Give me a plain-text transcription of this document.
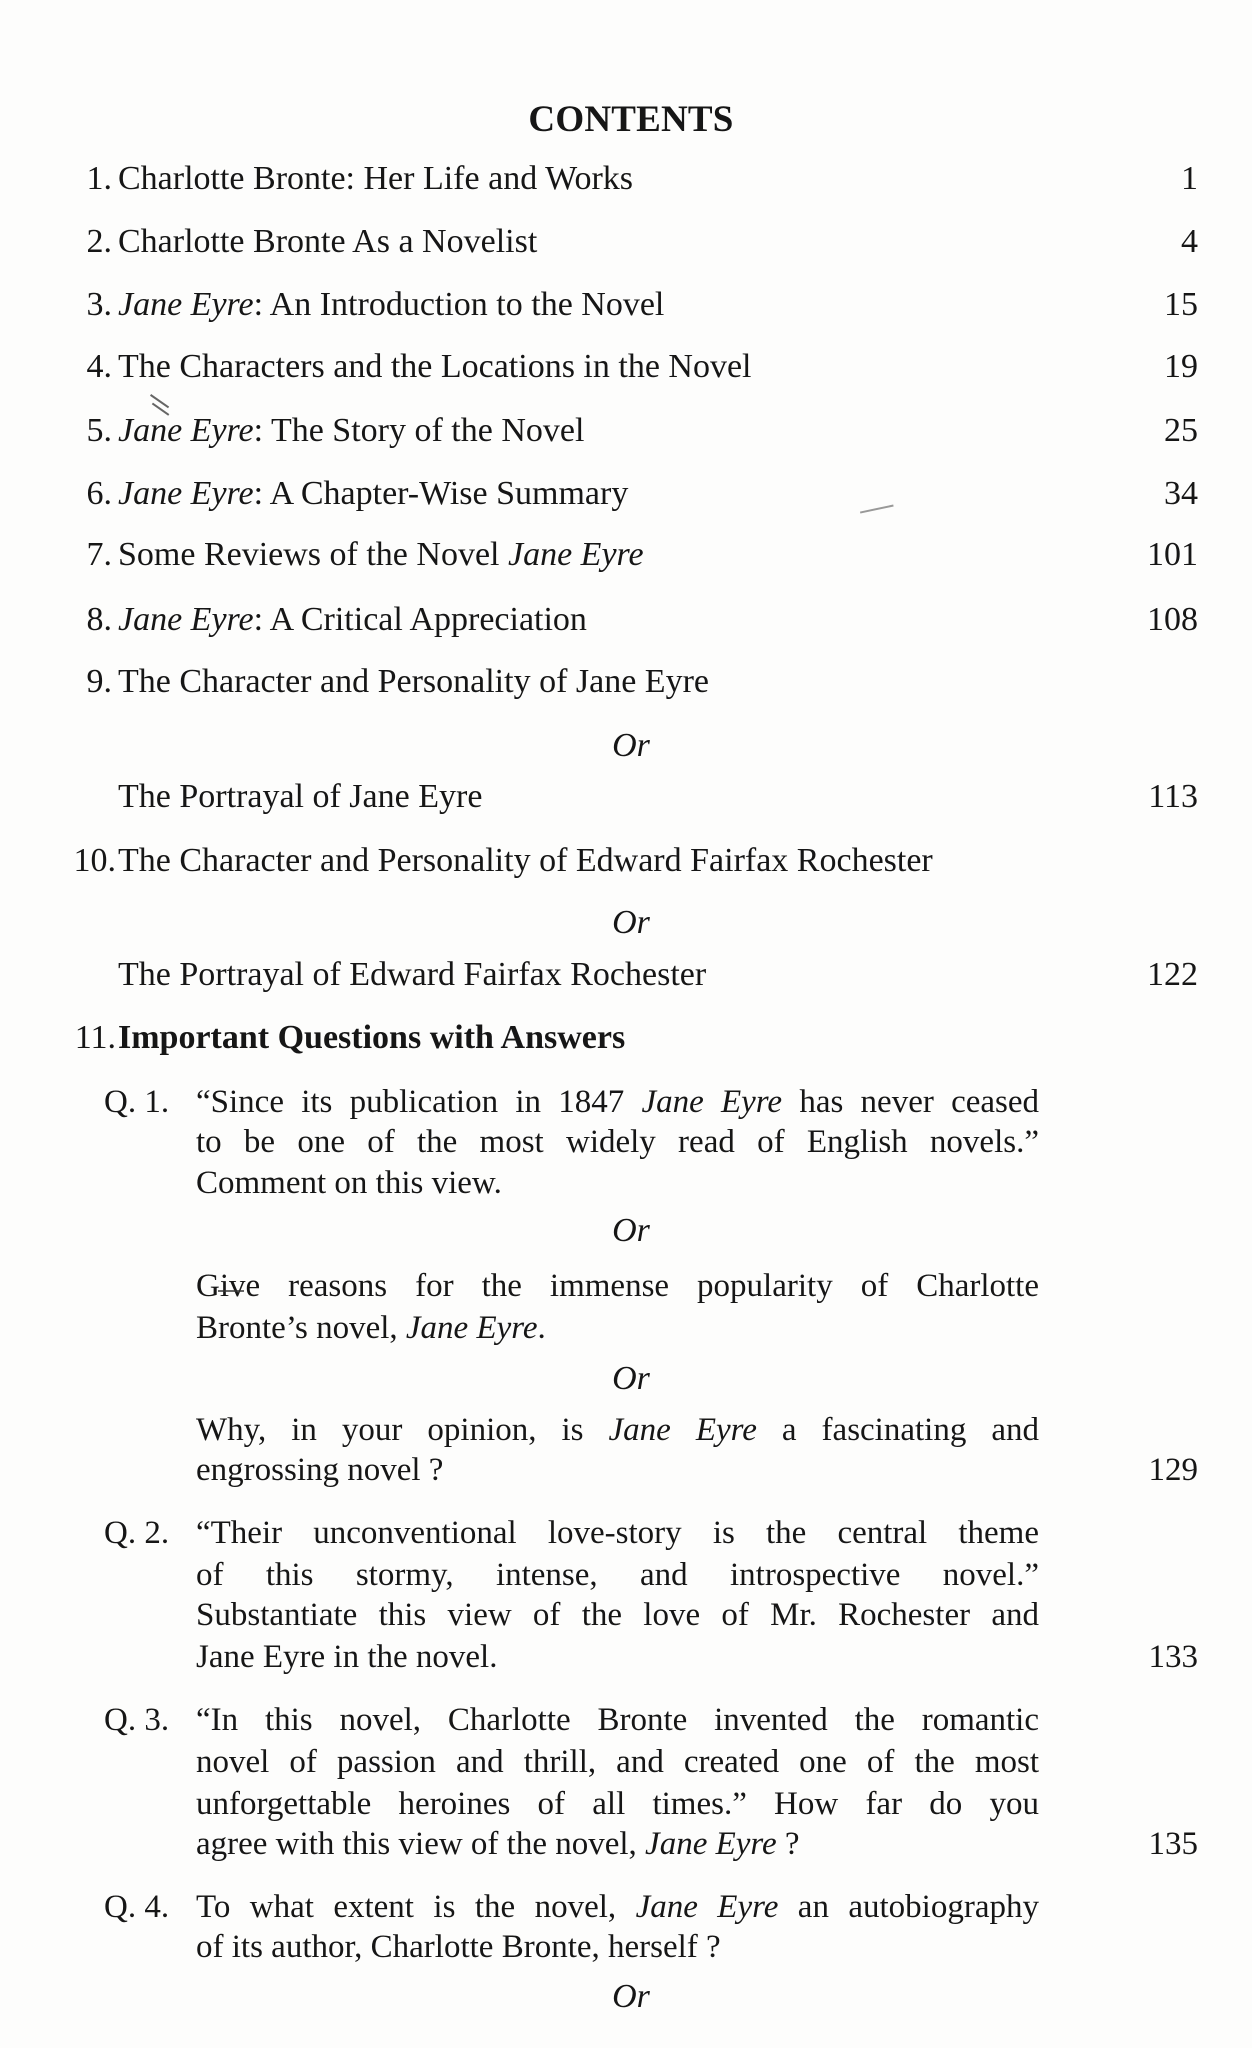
CONTENTS
1. Charlotte Bronte: Her Life and Works	1
2. Charlotte Bronte As a Novelist	4
3. Jane Eyre: An Introduction to the Novel	15
4. The Characters and the Locations in the Novel	19
5. Jane Eyre: The Story of the Novel	25
6. Jane Eyre: A Chapter-Wise Summary	34
7. Some Reviews of the Novel Jane Eyre	101
8. Jane Eyre: A Critical Appreciation	108
9. The Character and Personality of Jane Eyre
Or
The Portrayal of Jane Eyre	113
10. The Character and Personality of Edward Fairfax Rochester
Or
The Portrayal of Edward Fairfax Rochester	122
11. Important Questions with Answers
Q. 1. “Since its publication in 1847 Jane Eyre has never ceased
to be one of the most widely read of English novels.”
Comment on this view.
Or
Give reasons for the immense popularity of Charlotte
Bronte’s novel, Jane Eyre.
Or
Why, in your opinion, is Jane Eyre a fascinating and
engrossing novel ?	129
Q. 2. “Their unconventional love-story is the central theme
of this stormy, intense, and introspective novel.”
Substantiate this view of the love of Mr. Rochester and
Jane Eyre in the novel.	133
Q. 3. “In this novel, Charlotte Bronte invented the romantic
novel of passion and thrill, and created one of the most
unforgettable heroines of all times.” How far do you
agree with this view of the novel, Jane Eyre ?	135
Q. 4. To what extent is the novel, Jane Eyre an autobiography
of its author, Charlotte Bronte, herself ?
Or
